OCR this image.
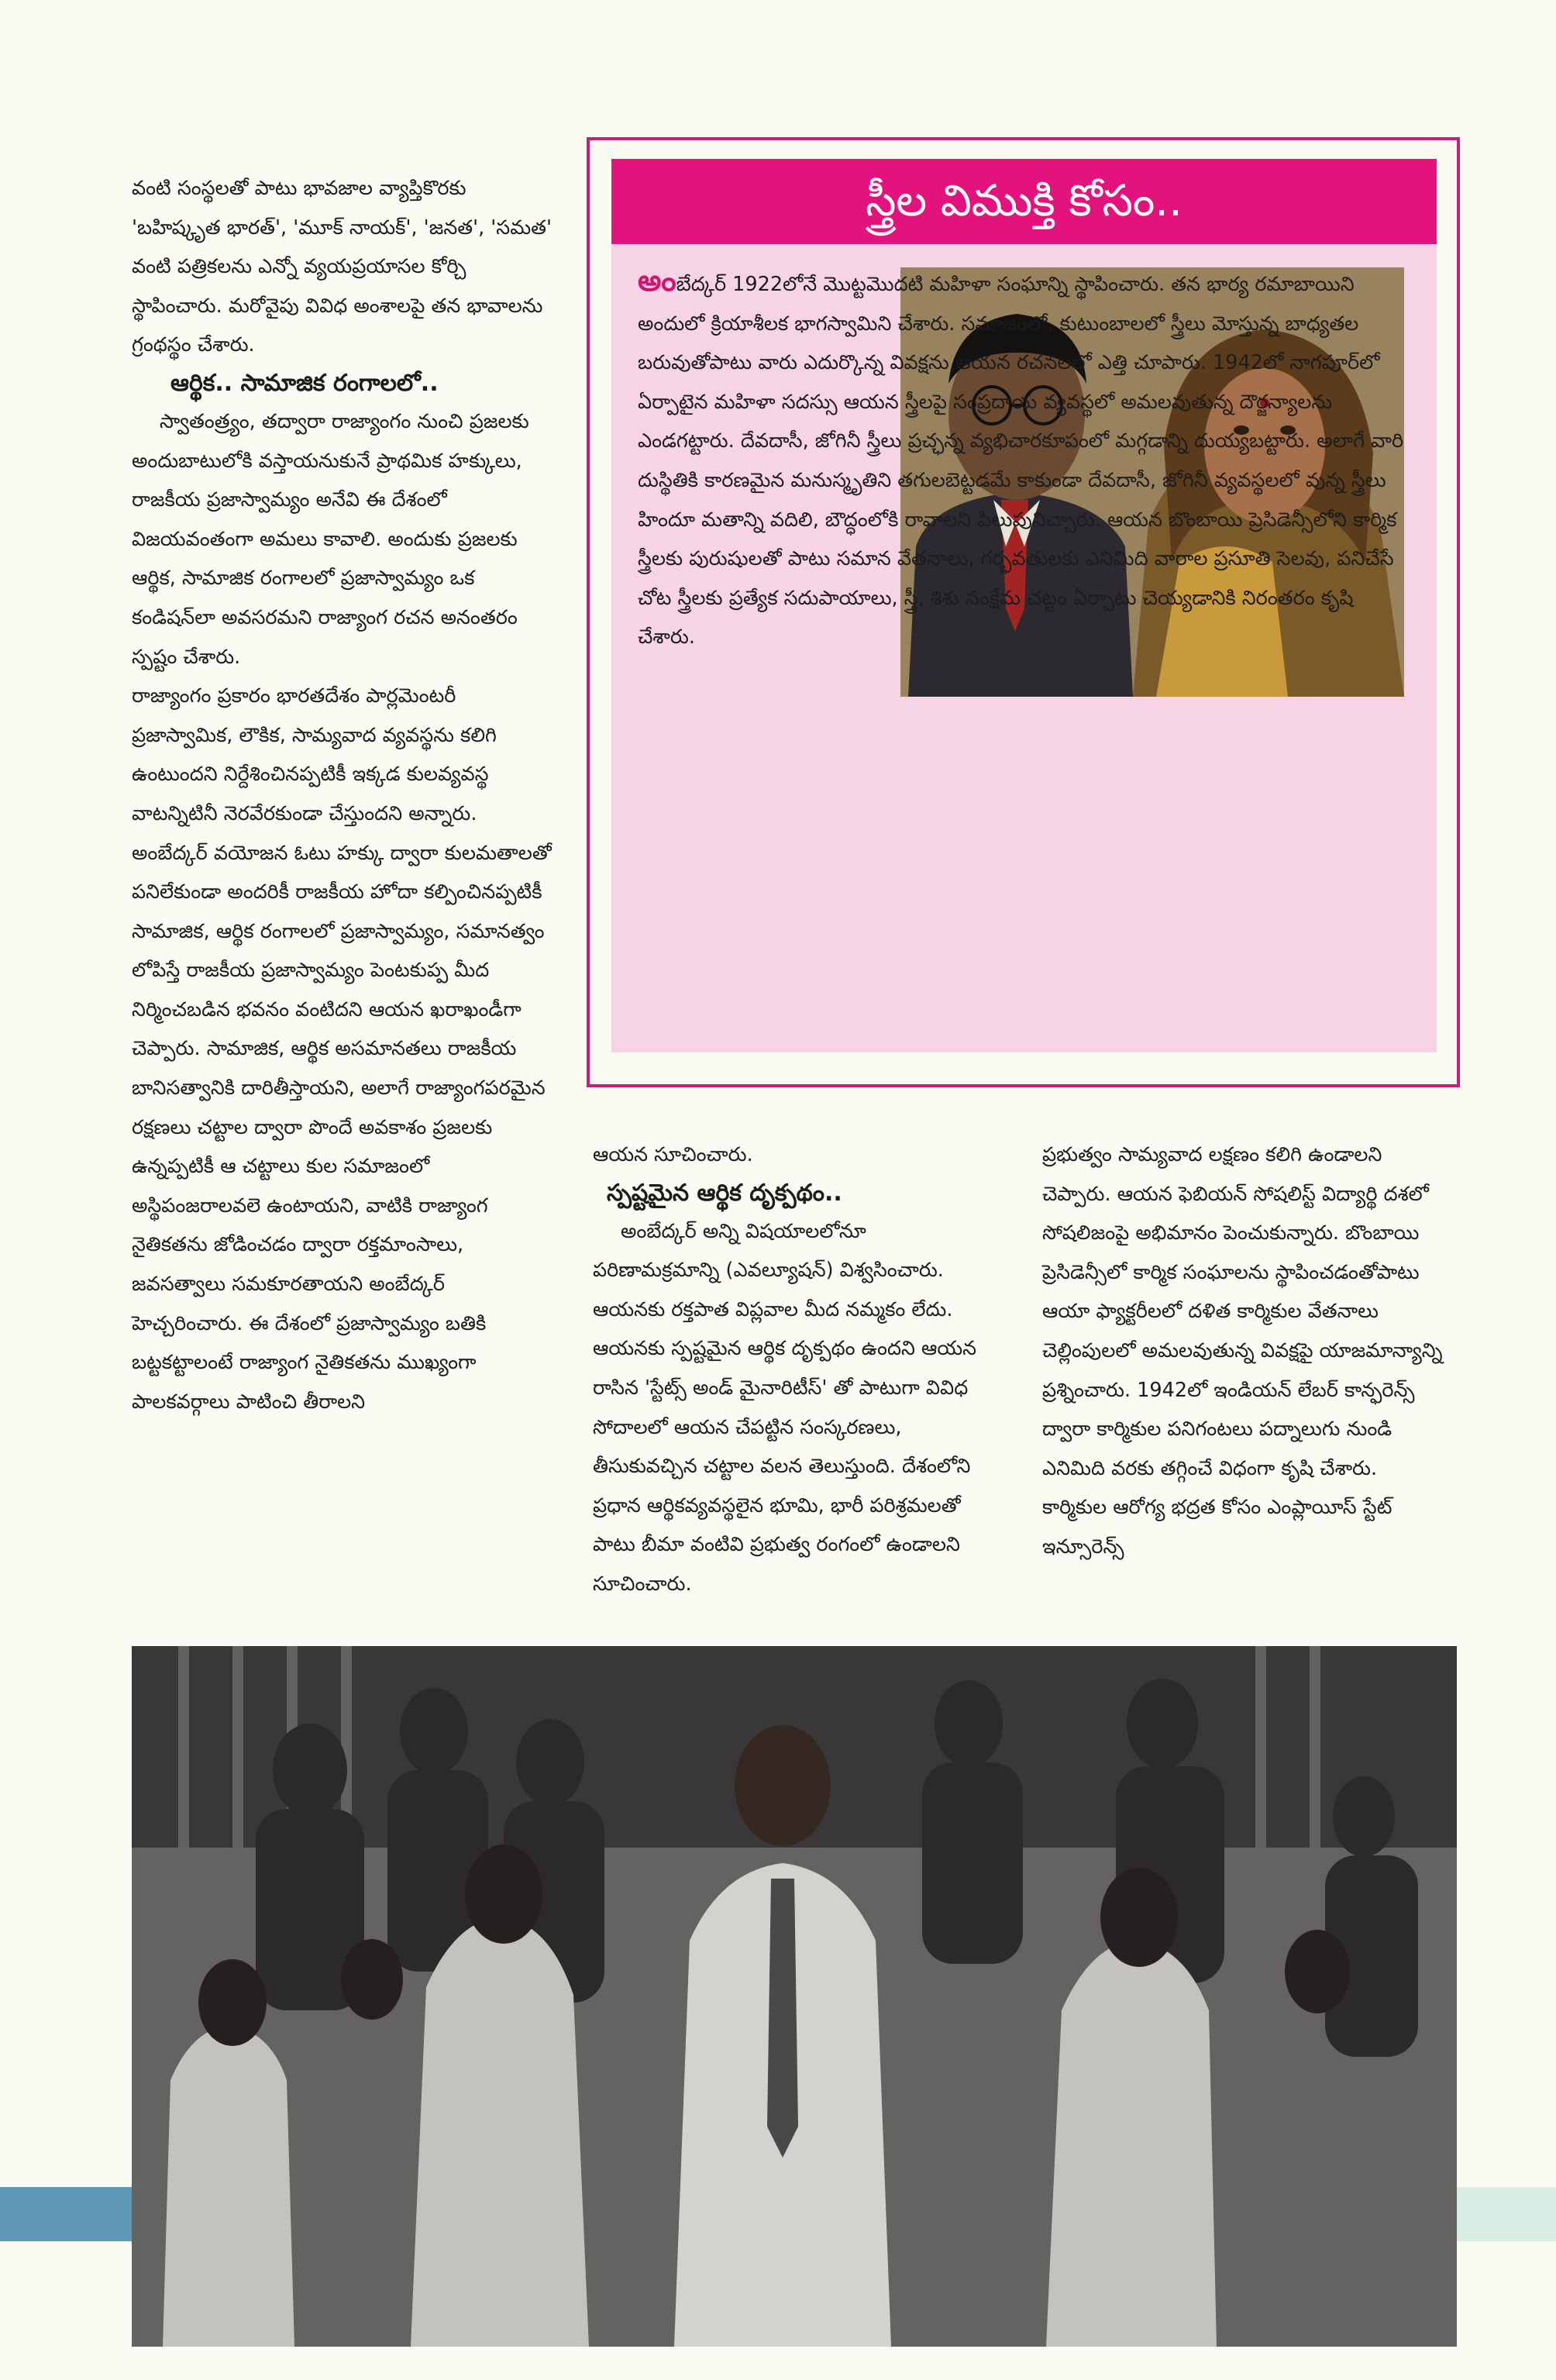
వంటి సంస్థలతో పాటు భావజాల వ్యాప్తికొరకు 'బహిష్కృత భారత్', 'మూక్ నాయక్', 'జనత', 'సమత' వంటి పత్రికలను ఎన్నో వ్యయప్రయాసల కోర్చి స్థాపించారు. మరోవైపు వివిధ అంశాలపై తన భావాలను గ్రంథస్థం చేశారు.

ఆర్థిక.. సామాజిక రంగాలలో..

స్వాతంత్ర్యం, తద్వారా రాజ్యాంగం నుంచి ప్రజలకు అందుబాటులోకి వస్తాయనుకునే ప్రాథమిక హక్కులు, రాజకీయ ప్రజాస్వామ్యం అనేవి ఈ దేశంలో విజయవంతంగా అమలు కావాలి. అందుకు ప్రజలకు ఆర్థిక, సామాజిక రంగాలలో ప్రజాస్వామ్యం ఒక కండిషన్‌లా అవసరమని రాజ్యాంగ రచన అనంతరం స్పష్టం చేశారు.

రాజ్యాంగం ప్రకారం భారతదేశం పార్లమెంటరీ ప్రజాస్వామిక, లౌకిక, సామ్యవాద వ్యవస్థను కలిగి ఉంటుందని నిర్దేశించినప్పటికీ ఇక్కడ కులవ్యవస్థ వాటన్నిటినీ నెరవేరకుండా చేస్తుందని అన్నారు. అంబేద్కర్ వయోజన ఓటు హక్కు ద్వారా కులమతాలతో పనిలేకుండా అందరికీ రాజకీయ హోదా కల్పించినప్పటికీ సామాజిక, ఆర్థిక రంగాలలో ప్రజాస్వామ్యం, సమానత్వం లోపిస్తే రాజకీయ ప్రజాస్వామ్యం పెంటకుప్ప మీద నిర్మించబడిన భవనం వంటిదని ఆయన ఖరాఖండీగా చెప్పారు. సామాజిక, ఆర్థిక అసమానతలు రాజకీయ బానిసత్వానికి దారితీస్తాయని, అలాగే రాజ్యాంగపరమైన రక్షణలు చట్టాల ద్వారా పొందే అవకాశం ప్రజలకు ఉన్నప్పటికీ ఆ చట్టాలు కుల సమాజంలో అస్థిపంజరాలవలె ఉంటాయని, వాటికి రాజ్యాంగ నైతికతను జోడించడం ద్వారా రక్తమాంసాలు, జవసత్వాలు సమకూరతాయని అంబేద్కర్ హెచ్చరించారు. ఈ దేశంలో ప్రజాస్వామ్యం బతికి బట్టకట్టాలంటే రాజ్యాంగ నైతికతను ముఖ్యంగా పాలకవర్గాలు పాటించి తీరాలని

స్త్రీల విముక్తి కోసం..

అంబేద్కర్ 1922లోనే మొట్టమొదటి మహిళా సంఘాన్ని స్థాపించారు. తన భార్య రమాబాయిని అందులో క్రియాశీలక భాగస్వామిని చేశారు. సమాజంలో, కుటుంబాలలో స్త్రీలు మోస్తున్న బాధ్యతల బరువుతోపాటు వారు ఎదుర్కొన్న వివక్షను ఆయన రచనలలో ఎత్తి చూపారు. 1942లో నాగపూర్‌లో ఏర్పాటైన మహిళా సదస్సు ఆయన స్త్రీలపై సంప్రదాయ వ్యవస్థలో అమలవుతున్న దౌర్జన్యాలను ఎండగట్టారు. దేవదాసీ, జోగినీ స్త్రీలు ప్రచ్ఛన్న వ్యభిచారకూపంలో మగ్గడాన్ని దుయ్యబట్టారు. అలాగే వారి దుస్థితికి కారణమైన మనుస్మృతిని తగులబెట్టడమే కాకుండా దేవదాసీ, జోగినీ వ్యవస్థలలో వున్న స్త్రీలు హిందూ మతాన్ని వదిలి, బౌద్ధంలోకి రావాలని పిలుపునిచ్చారు. ఆయన బొంబాయి ప్రెసిడెన్సీలోని కార్మిక స్త్రీలకు పురుషులతో పాటు సమాన వేతనాలు, గర్భవతులకు ఎనిమిది వారాల ప్రసూతి సెలవు, పనిచేసే చోట స్త్రీలకు ప్రత్యేక సదుపాయాలు, స్త్రీ, శిశు సంక్షేమ చట్టం ఏర్పాటు చెయ్యడానికి నిరంతరం కృషి చేశారు.

ఆయన సూచించారు.

స్పష్టమైన ఆర్థిక దృక్పథం..

అంబేద్కర్ అన్ని విషయాలలోనూ పరిణామక్రమాన్ని (ఎవల్యూషన్) విశ్వసించారు. ఆయనకు రక్తపాత విప్లవాల మీద నమ్మకం లేదు. ఆయనకు స్పష్టమైన ఆర్థిక దృక్పథం ఉందని ఆయన రాసిన 'స్టేట్స్ అండ్ మైనారిటీస్' తో పాటుగా వివిధ సోదాలలో ఆయన చేపట్టిన సంస్కరణలు, తీసుకువచ్చిన చట్టాల వలన తెలుస్తుంది. దేశంలోని ప్రధాన ఆర్థికవ్యవస్థలైన భూమి, భారీ పరిశ్రమలతో పాటు బీమా వంటివి ప్రభుత్వ రంగంలో ఉండాలని సూచించారు.

ప్రభుత్వం సామ్యవాద లక్షణం కలిగి ఉండాలని చెప్పారు. ఆయన ఫెబియన్ సోషలిస్ట్ విద్యార్థి దశలో సోషలిజంపై అభిమానం పెంచుకున్నారు. బొంబాయి ప్రెసిడెన్సీలో కార్మిక సంఘాలను స్థాపించడంతోపాటు ఆయా ఫ్యాక్టరీలలో దళిత కార్మికుల వేతనాలు చెల్లింపులలో అమలవుతున్న వివక్షపై యాజమాన్యాన్ని ప్రశ్నించారు. 1942లో ఇండియన్ లేబర్ కాన్ఫరెన్స్ ద్వారా కార్మికుల పనిగంటలు పద్నాలుగు నుండి ఎనిమిది వరకు తగ్గించే విధంగా కృషి చేశారు. కార్మికుల ఆరోగ్య భద్రత కోసం ఎంప్లాయీస్ స్టేట్ ఇన్సూరెన్స్
